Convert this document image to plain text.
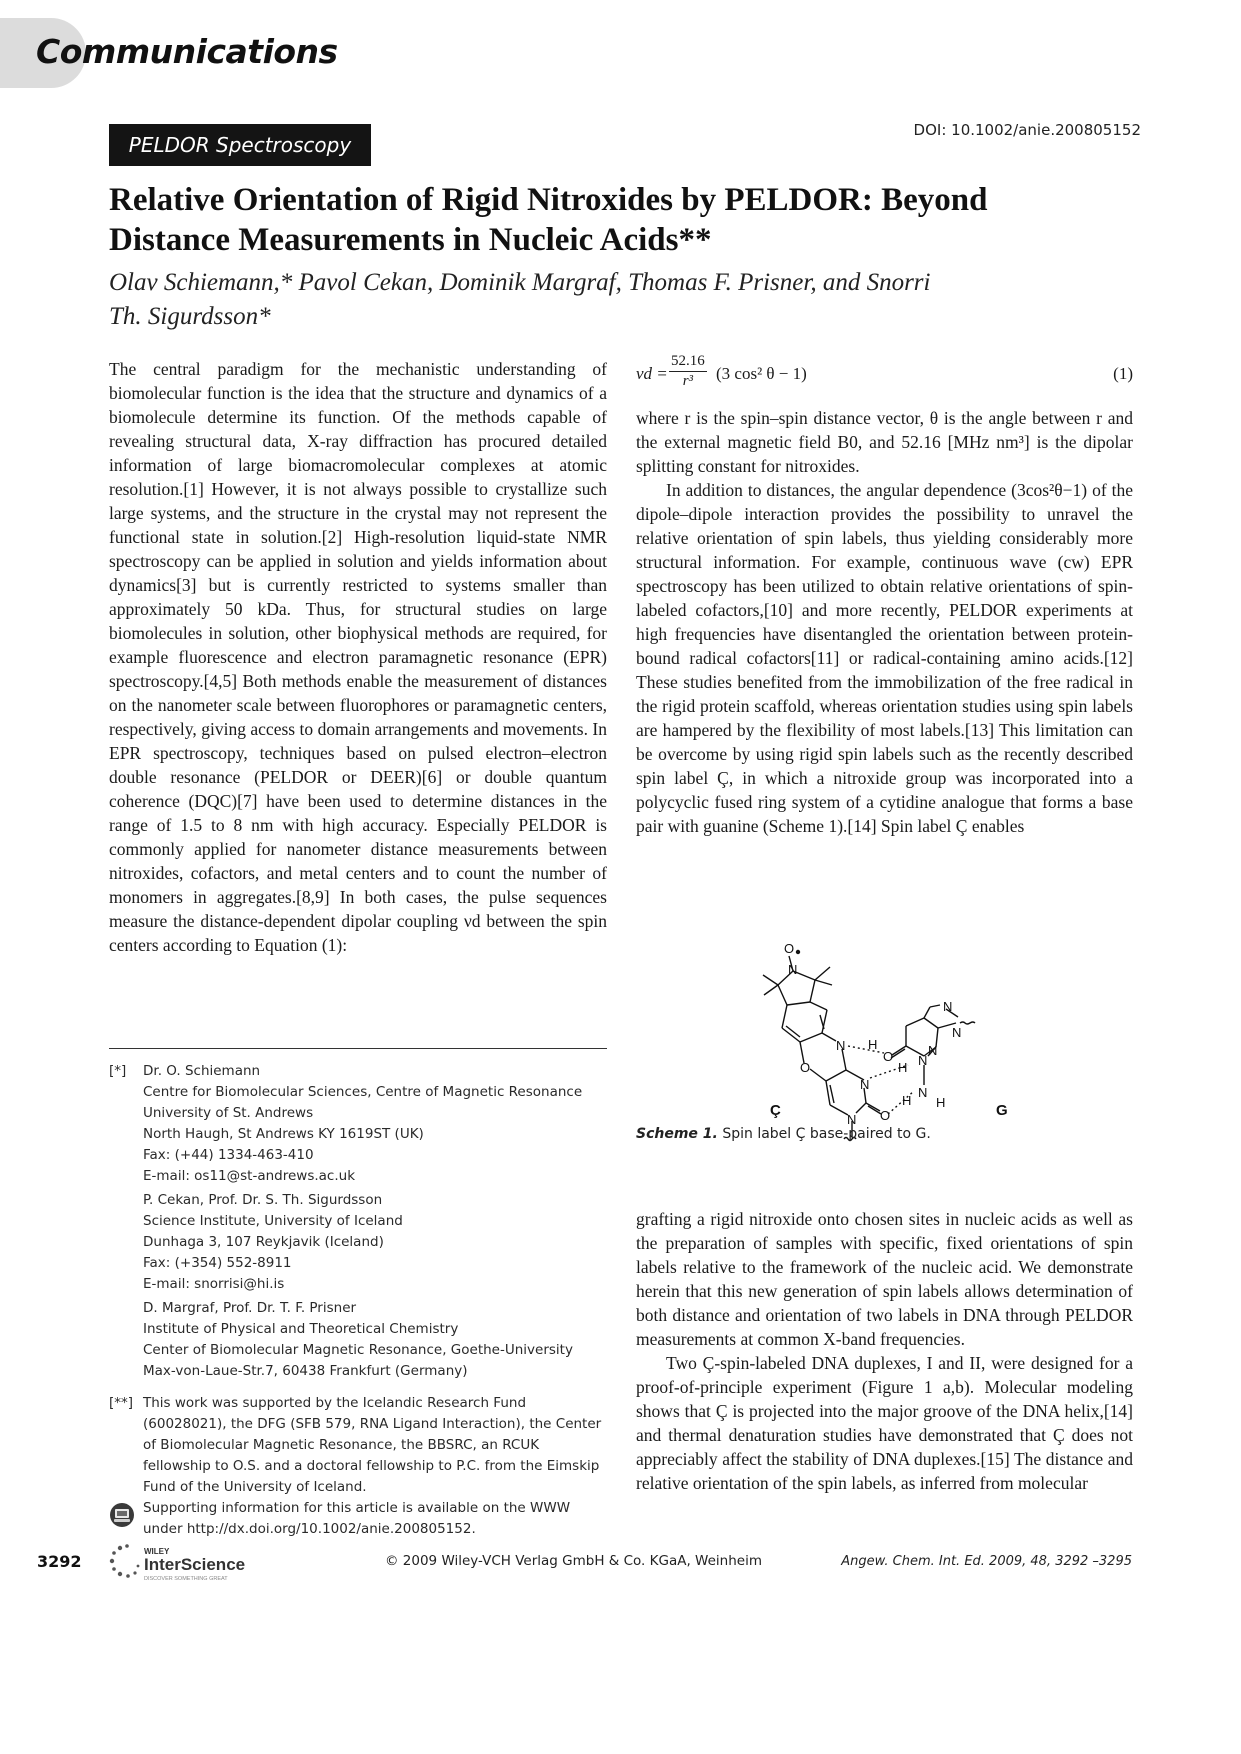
Communications
PELDOR Spectroscopy
DOI: 10.1002/anie.200805152
Relative Orientation of Rigid Nitroxides by PELDOR: Beyond Distance Measurements in Nucleic Acids**

Olav Schiemann,* Pavol Cekan, Dominik Margraf, Thomas F. Prisner, and Snorri Th. Sigurdsson*

The central paradigm for the mechanistic understanding of biomolecular function is the idea that the structure and dynamics of a biomolecule determine its function. Of the methods capable of revealing structural data, X-ray diffraction has procured detailed information of large biomacromolecular complexes at atomic resolution.[1] However, it is not always possible to crystallize such large systems, and the structure in the crystal may not represent the functional state in solution.[2] High-resolution liquid-state NMR spectroscopy can be applied in solution and yields information about dynamics[3] but is currently restricted to systems smaller than approximately 50 kDa. Thus, for structural studies on large biomolecules in solution, other biophysical methods are required, for example fluorescence and electron paramagnetic resonance (EPR) spectroscopy.[4,5] Both methods enable the measurement of distances on the nanometer scale between fluorophores or paramagnetic centers, respectively, giving access to domain arrangements and movements. In EPR spectroscopy, techniques based on pulsed electron–electron double resonance (PELDOR or DEER)[6] or double quantum coherence (DQC)[7] have been used to determine distances in the range of 1.5 to 8 nm with high accuracy. Especially PELDOR is commonly applied for nanometer distance measurements between nitroxides, cofactors, and metal centers and to count the number of monomers in aggregates.[8,9] In both cases, the pulse sequences measure the distance-dependent dipolar coupling νd between the spin centers according to Equation (1):

$\nu d = \frac{52.16}{\text{r³}} (3$ cos² θ − 1)	(1)

where r is the spin–spin distance vector, θ is the angle between r and the external magnetic field B0, and 52.16 [MHz nm³] is the dipolar splitting constant for nitroxides.

In addition to distances, the angular dependence (3cos²θ−1) of the dipole–dipole interaction provides the possibility to unravel the relative orientation of spin labels, thus yielding considerably more structural information. For example, continuous wave (cw) EPR spectroscopy has been utilized to obtain relative orientations of spin-labeled cofactors,[10] and more recently, PELDOR experiments at high frequencies have disentangled the orientation between protein-bound radical cofactors[11] or radical-containing amino acids.[12] These studies benefited from the immobilization of the free radical in the rigid protein scaffold, whereas orientation studies using spin labels are hampered by the flexibility of most labels.[13] This limitation can be overcome by using rigid spin labels such as the recently described spin label Ç, in which a nitroxide group was incorporated into a polycyclic fused ring system of a cytidine analogue that forms a base pair with guanine (Scheme 1).[14] Spin label Ç enables

O
N
O
N
N
N O
H
H
H
O N
N
N
N
N
H
Ç	G
Scheme 1. Spin label Ç base-paired to G.

grafting a rigid nitroxide onto chosen sites in nucleic acids as well as the preparation of samples with specific, fixed orientations of spin labels relative to the framework of the nucleic acid. We demonstrate herein that this new generation of spin labels allows determination of both distance and orientation of two labels in DNA through PELDOR measurements at common X-band frequencies.

Two Ç-spin-labeled DNA duplexes, I and II, were designed for a proof-of-principle experiment (Figure 1 a,b). Molecular modeling shows that Ç is projected into the major groove of the DNA helix,[14] and thermal denaturation studies have demonstrated that Ç does not appreciably affect the stability of DNA duplexes.[15] The distance and relative orientation of the spin labels, as inferred from molecular

[*] Dr. O. Schiemann
Centre for Biomolecular Sciences, Centre of Magnetic Resonance
University of St. Andrews
North Haugh, St Andrews KY 1619ST (UK)
Fax: (+44) 1334-463-410
E-mail: os11@st-andrews.ac.uk
P. Cekan, Prof. Dr. S. Th. Sigurdsson
Science Institute, University of Iceland
Dunhaga 3, 107 Reykjavik (Iceland)
Fax: (+354) 552-8911
E-mail: snorrisi@hi.is
D. Margraf, Prof. Dr. T. F. Prisner
Institute of Physical and Theoretical Chemistry
Center of Biomolecular Magnetic Resonance, Goethe-University
Max-von-Laue-Str.7, 60438 Frankfurt (Germany)
[**] This work was supported by the Icelandic Research Fund (60028021), the DFG (SFB 579, RNA Ligand Interaction), the Center of Biomolecular Magnetic Resonance, the BBSRC, an RCUK fellowship to O.S. and a doctoral fellowship to P.C. from the Eimskip Fund of the University of Iceland.
Supporting information for this article is available on the WWW under http://dx.doi.org/10.1002/anie.200805152.
3292
WILEY
InterScience
DISCOVER SOMETHING GREAT
© 2009 Wiley-VCH Verlag GmbH & Co. KGaA, Weinheim	Angew. Chem. Int. Ed. 2009, 48, 3292 –3295
